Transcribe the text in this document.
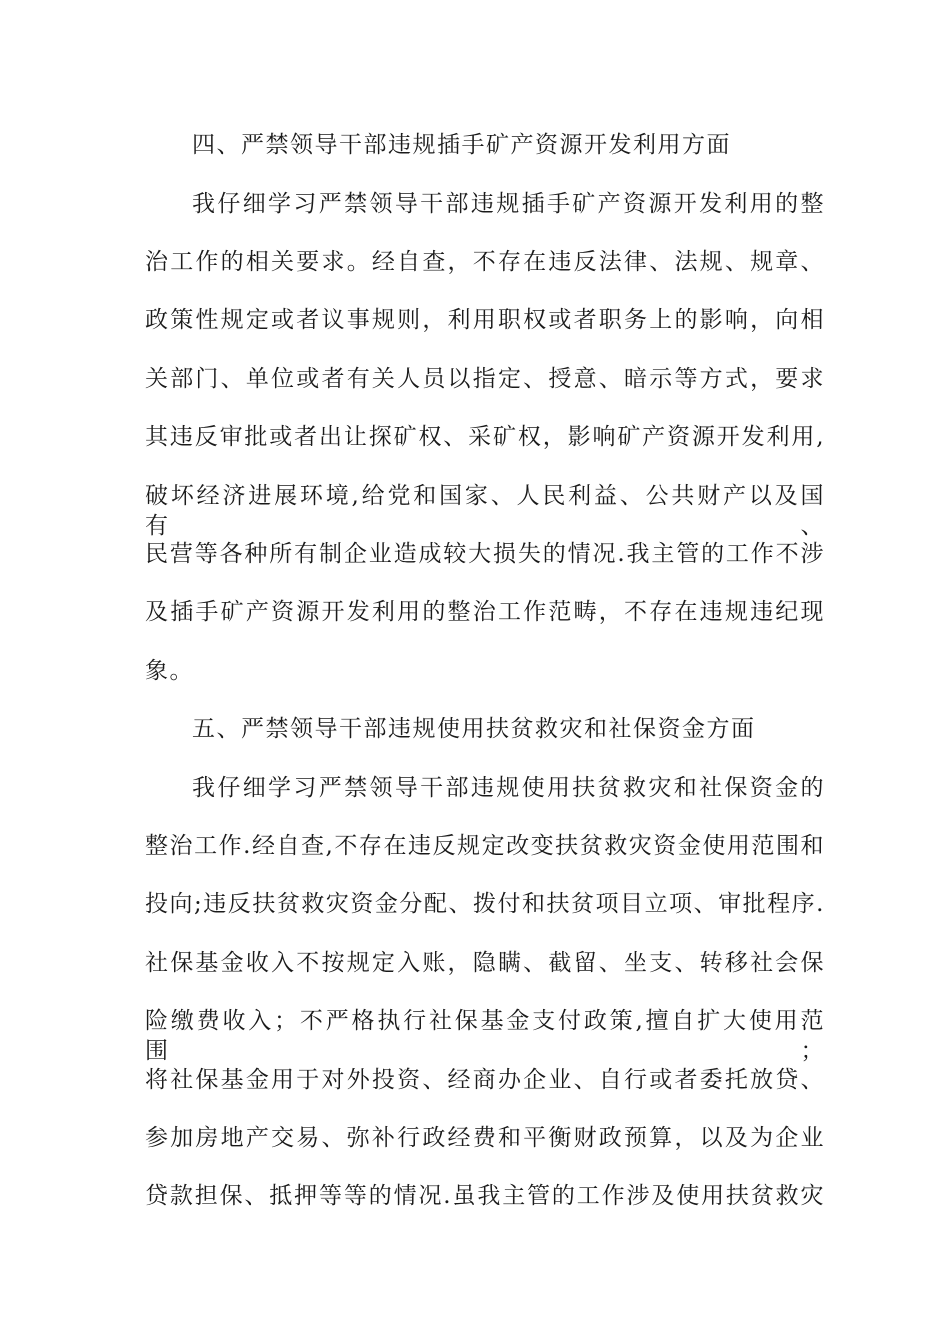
四、严禁领导干部违规插手矿产资源开发利用方面
我仔细学习严禁领导干部违规插手矿产资源开发利用的整
治工作的相关要求。经自查，不存在违反法律、法规、规章、
政策性规定或者议事规则，利用职权或者职务上的影响，向相
关部门、单位或者有关人员以指定、授意、暗示等方式，要求
其违反审批或者出让探矿权、采矿权，影响矿产资源开发利用,
破坏经济进展环境,给党和国家、人民利益、公共财产以及国有、
民营等各种所有制企业造成较大损失的情况.我主管的工作不涉
及插手矿产资源开发利用的整治工作范畴，不存在违规违纪现
象。
五、严禁领导干部违规使用扶贫救灾和社保资金方面
我仔细学习严禁领导干部违规使用扶贫救灾和社保资金的
整治工作.经自查,不存在违反规定改变扶贫救灾资金使用范围和
投向;违反扶贫救灾资金分配、拨付和扶贫项目立项、审批程序.
社保基金收入不按规定入账，隐瞒、截留、坐支、转移社会保
险缴费收入；不严格执行社保基金支付政策,擅自扩大使用范围；
将社保基金用于对外投资、经商办企业、自行或者委托放贷、
参加房地产交易、弥补行政经费和平衡财政预算，以及为企业
贷款担保、抵押等等的情况.虽我主管的工作涉及使用扶贫救灾
